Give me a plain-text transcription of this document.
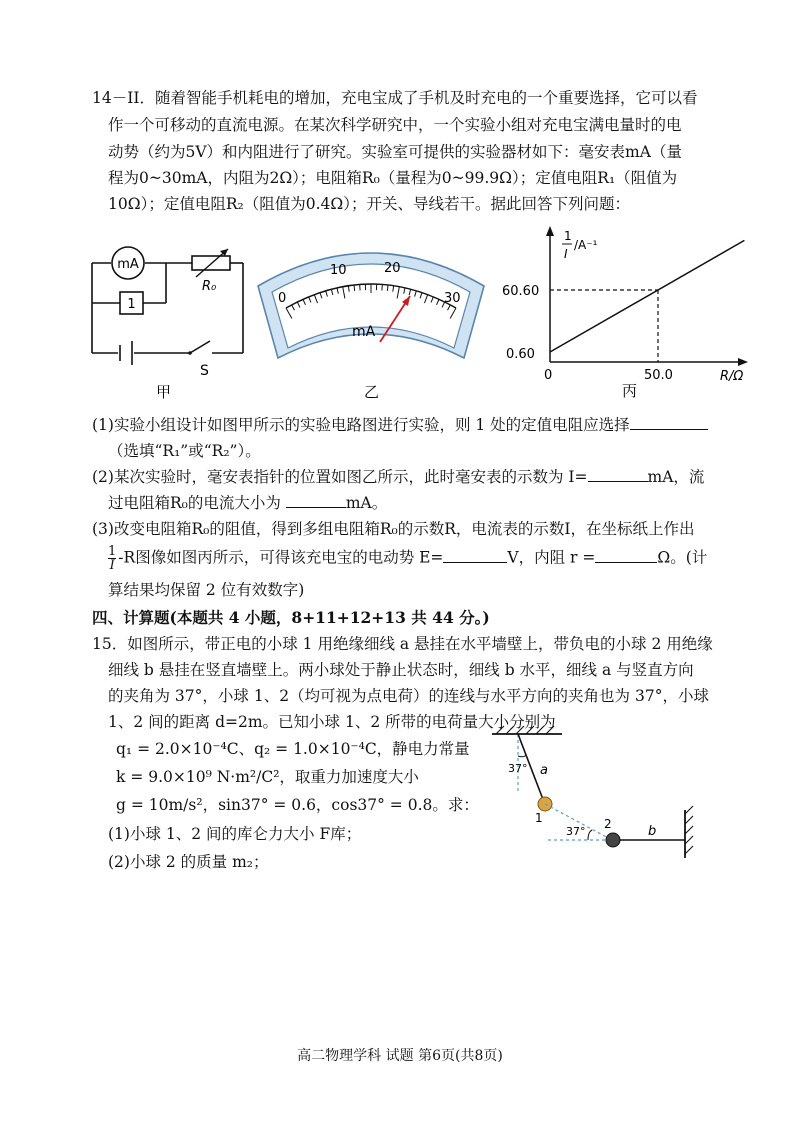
14－II．随着智能手机耗电的增加，充电宝成了手机及时充电的一个重要选择，它可以看
作一个可移动的直流电源。在某次科学研究中，一个实验小组对充电宝满电量时的电
动势（约为5V）和内阻进行了研究。实验室可提供的实验器材如下：毫安表mA（量
程为0~30mA，内阻为2Ω）；电阻箱R₀（量程为0~99.9Ω）；定值电阻R₁（阻值为
10Ω）；定值电阻R₂（阻值为0.4Ω）；开关、导线若干。据此回答下列问题：
mA
1
R₀
S
甲
0
10	20
30
mA
乙
1
I
/A⁻¹
60.60
0.60
0	50.0	R/Ω
丙
(1)实验小组设计如图甲所示的实验电路图进行实验，则 1 处的定值电阻应选择
（选填“R₁”或“R₂”）。
(2)某次实验时，毫安表指针的位置如图乙所示，此时毫安表的示数为 I=	mA，流
过电阻箱R₀的电流大小为	mA。
(3)改变电阻箱R₀的阻值，得到多组电阻箱R₀的示数R，电流表的示数I，在坐标纸上作出
$\frac{1}{I} -R$图像如图丙所示，可得该充电宝的电动势 E=	V，内阻 r =	Ω。(计
算结果均保留 2 位有效数字)
四、计算题(本题共 4 小题，8+11+12+13 共 44 分。)
15．如图所示，带正电的小球 1 用绝缘细线 a 悬挂在水平墙壁上，带负电的小球 2 用绝缘
细线 b 悬挂在竖直墙壁上。两小球处于静止状态时，细线 b 水平，细线 a 与竖直方向
的夹角为 37°，小球 1、2（均可视为点电荷）的连线与水平方向的夹角也为 37°，小球
1、2 间的距离 d=2m。已知小球 1、2 所带的电荷量大小分别为
q₁ = 2.0×10⁻⁴C、q₂ = 1.0×10⁻⁴C，静电力常量
k = 9.0×10⁹ N·m²/C²，取重力加速度大小
g = 10m/s²，sin37° = 0.6，cos37° = 0.8。求：
(1)小球 1、2 间的库仑力大小 F库；
(2)小球 2 的质量 m₂；
37° a
1
37°
2	b
高二物理学科 试题 第6页(共8页)
